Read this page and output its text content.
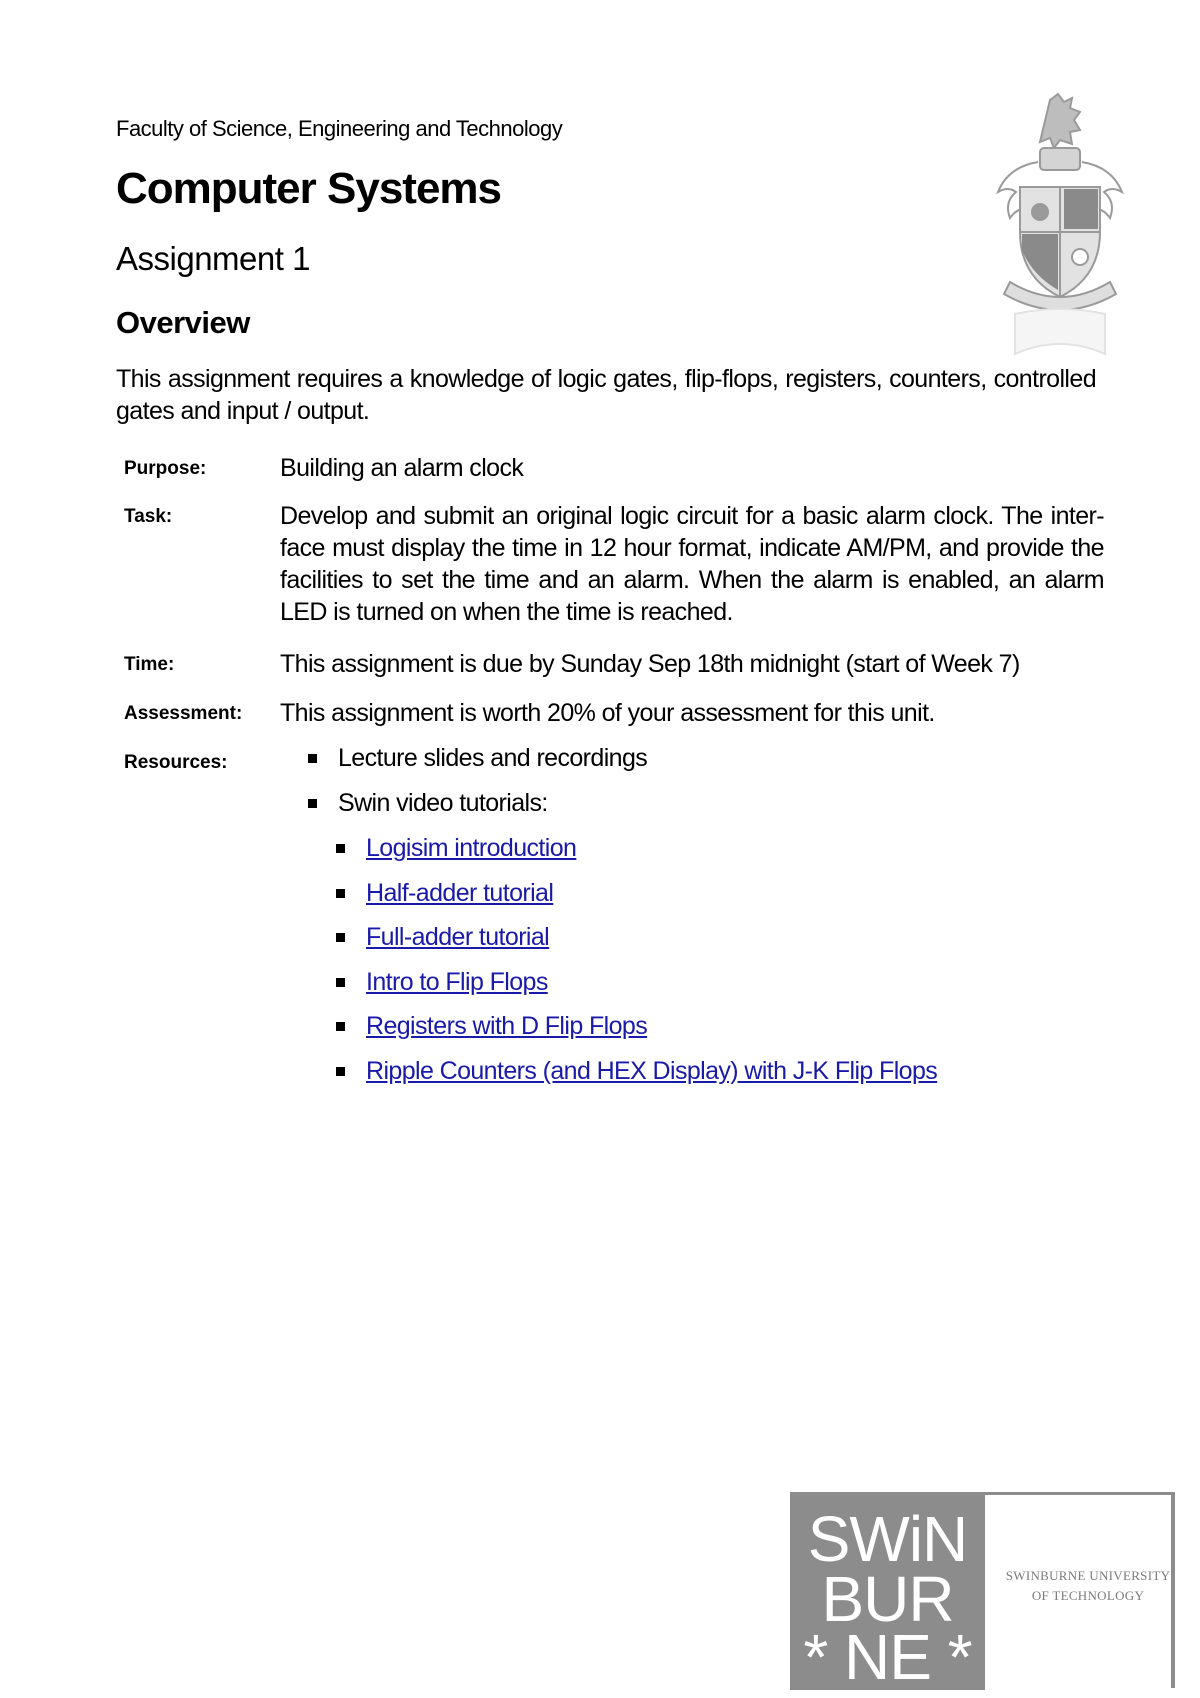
Faculty of Science, Engineering and Technology
Computer Systems
Assignment 1
Overview
This assignment requires a knowledge of logic gates, flip-flops, registers, counters, controlled gates and input / output.
Purpose:	Building an alarm clock
Task:	Develop and submit an original logic circuit for a basic alarm clock. The inter-face must display the time in 12 hour format, indicate AM/PM, and provide the facilities to set the time and an alarm. When the alarm is enabled, an alarm LED is turned on when the time is reached.
Time:	This assignment is due by Sunday Sep 18th midnight (start of Week 7)
Assessment: This assignment is worth 20% of your assessment for this unit.
Resources:	Lecture slides and recordings
Swin video tutorials:
Logisim introduction
Half-adder tutorial
Full-adder tutorial
Intro to Flip Flops
Registers with D Flip Flops
Ripple Counters (and HEX Display) with J-K Flip Flops
SWiN
BUR
* NE *
SWINBURNE UNIVERSITY
OF TECHNOLOGY
